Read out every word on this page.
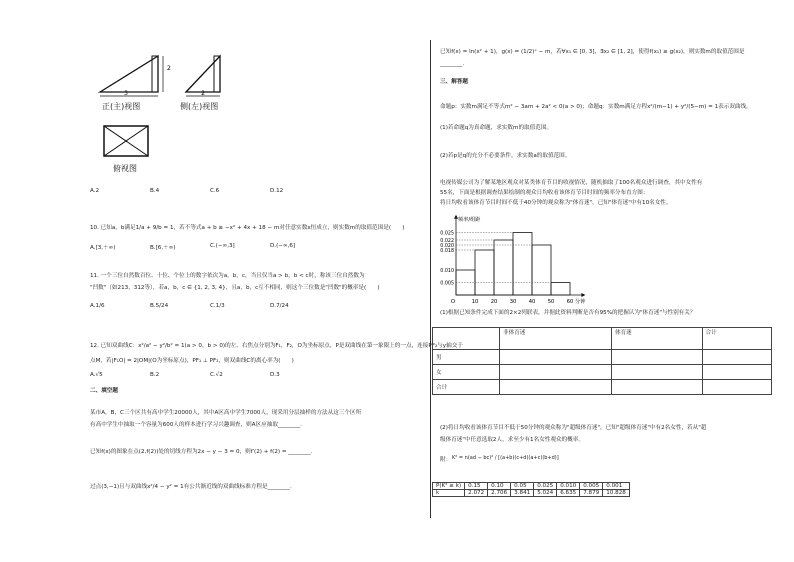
3
2
2
正(主)视图	侧(左)视图
俯视图
A.2	B.4	C.6	D.12
10. 已知a，b满足1/a + 9/b = 1，若不等式a + b ≥ −x² + 4x + 18 − m对任意实数x恒成立，则实数m的取值范围是(　　)
A.[3,＋∞)	B.[6,＋∞)	C.(−∞,3]	D.(−∞,6]
11. 一个三位自然数百位、十位、个位上的数字依次为a，b，c，当且仅当a > b，b < c时，称该三位自然数为
"凹数"（如213，312等），若a，b，c ∈ {1, 2, 3, 4}，且a，b，c互不相同，则这个三位数是"凹数"的概率是(　　)
A.1/6	B.5/24	C.1/3	D.7/24
12. 已知双曲线C：x²/a² − y²/b² = 1(a > 0，b > 0)的左、右焦点分别为F₁，F₂，O为坐标原点，P是双曲线在第一象限上的一点，连接PF₂与y轴交于
点M，若|F₁O| = 2|OM|(O为坐标原点)，PF₁ ⊥ PF₂，则双曲线C的离心率为(　　)
A.√5	B.2	C.√2	D.3
二、填空题
某市A，B，C三个区共有高中学生20000人，其中A区高中学生7000人，现采用分层抽样的方法从这三个区所
有高中学生中抽取一个容量为600人的样本进行学习兴趣调查，则A区应抽取________.
已知f(x)的图象在点(2,f(2))处的切线方程为2x − y − 3 = 0，则f′(2) + f(2) = ________.
过点(3,−1)且与双曲线x²/4 − y² = 1有公共渐近线的双曲线标准方程是________.
已知f(x) = ln(x² + 1)，g(x) = (1/2)ˣ − m，若∀x₁ ∈ [0, 3]，∃x₂ ∈ [1, 2]，使得f(x₁) ≥ g(x₂)，则实数m的取值范围是
________.
三、解答题
命题p：实数m满足不等式m² − 3am + 2a² < 0(a > 0)；命题q：实数m满足方程x²/(m−1) + y²/(5−m) = 1表示双曲线。
(1)若命题q为真命题，求实数m的取值范围。
(2)若p是q的充分不必要条件，求实数a的取值范围。
电视传媒公司为了解某地区观众对某类体育节目的收视情况，随机抽取了100名观众进行调查，其中女性有
55名，下面是根据调查结果绘制的观众日均收看该体育节目时间的频率分布直方图：
将日均收看该体育节目时间不低于40分钟的观众称为"体育迷"，已知"体育迷"中有10名女性。
频率/组距
分钟
0.025
0.022
0.020
0.018
0.010
0.005
O	10 20 30 40 50 60
(1)根据已知条件完成下面的2×2列联表，并据此资料判断是否有95%的把握认为"体育迷"与性别有关？
	非体育迷	体育迷	合计
男			
女			
合计			
(2)将日均收看该体育节目不低于50分钟的观众称为"超级体育迷"，已知"超级体育迷"中有2名女性，若从"超
级体育迷"中任意选取2人，求至少有1名女性观众的概率。
附： K² = n(ad − bc)² / [(a+b)(c+d)(a+c)(b+d)]
P(K² ≥ k)	0.15	0.10	0.05	0.025	0.010	0.005	0.001
k	2.072	2.706	3.841	5.024	6.635	7.879	10.828
